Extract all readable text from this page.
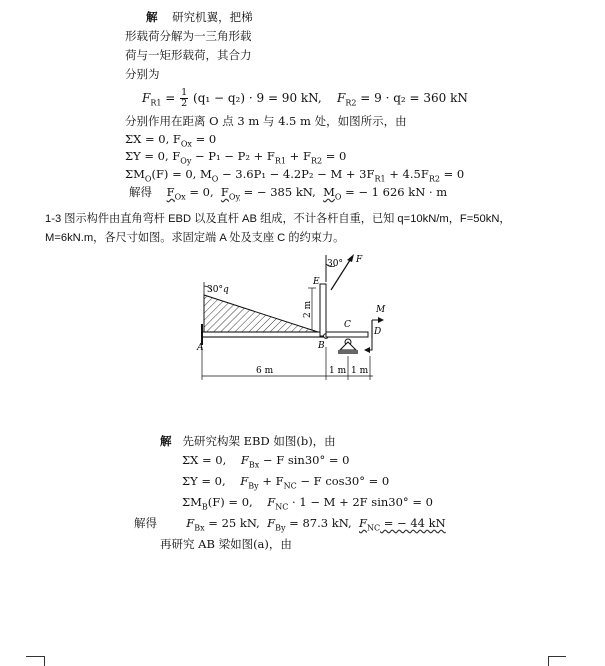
解 研究机翼，把梯
形载荷分解为一三角形载
荷与一矩形载荷，其合力
分别为
$F_{R1} = \frac{1}{2} (q_1 - q_2) \cdot 9 = 90$ kN, $F_{R2} = 9 \cdot q_2 = 360$ kN
分别作用在距离 O 点 3 m 与 4.5 m 处，如图所示，由
ΣX = 0, $F_{Ox} = 0$
ΣY = 0, $F_{Oy} - P_1 - P_2 + F_{R1} + F_{R2} = 0$
$\Sigma M_O(F) = 0$, $M_O - 3.6P_1 - 4.2P_2 - M + 3F_{R1} + 4.5F_{R2} = 0$
解得 $F_{Ox} = 0$, $F_{Oy}$ = − 385 kN, $M_O$ = − 1 626 kN · m
1-3 图示构件由直角弯杆 EBD 以及直杆 AB 组成，不计各杆自重，已知 q=10kN/m，F=50kN，
M=6kN.m，各尺寸如图。求固定端 A 处及支座 C 的约束力。
30° F
E
30° q
2 m	M
C
D
A	B
6 m	1 m 1 m
解 先研究构架 EBD 如图(b)，由
ΣX = 0, $F_{Bx} - F$ sin30° = 0
ΣY = 0, $F_{By} + F_{NC} - F$ cos30° = 0
$\Sigma M_B(F) = 0$, $F_{NC} \cdot 1 - M + 2F$ sin30° = 0
解得	$F_{Bx} = 25$ kN, $F_{By} = 87.3$ kN, $F_{NC}$ = − 44 kN
再研究 AB 梁如图(a)，由
